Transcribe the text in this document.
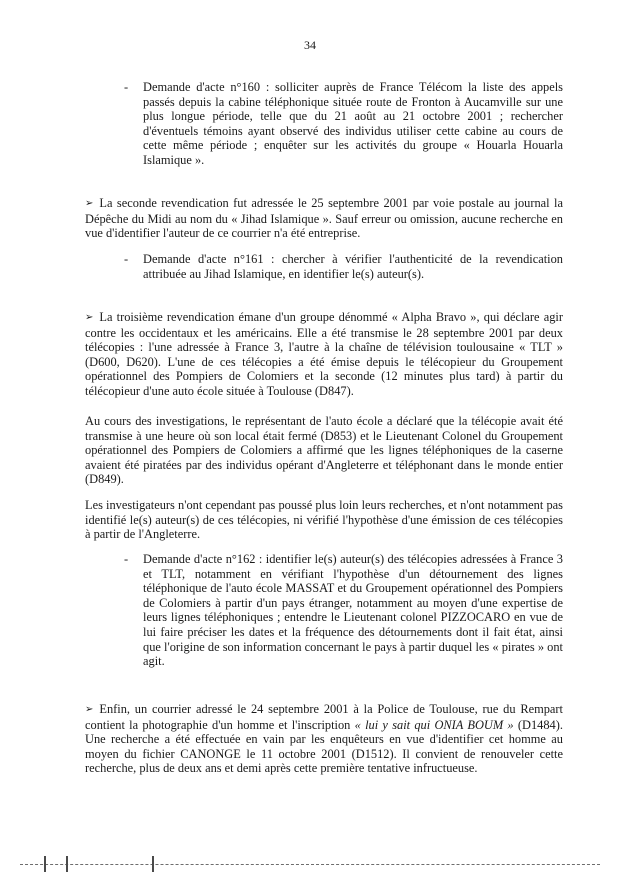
34
- Demande d'acte n°160 : solliciter auprès de France Télécom la liste des appels passés depuis la cabine téléphonique située route de Fronton à Aucamville sur une plus longue période, telle que du 21 août au 21 octobre 2001 ; rechercher d'éventuels témoins ayant observé des individus utiliser cette cabine au cours de cette même période ; enquêter sur les activités du groupe « Houarla Houarla Islamique ».

➢ La seconde revendication fut adressée le 25 septembre 2001 par voie postale au journal la Dépêche du Midi au nom du « Jihad Islamique ». Sauf erreur ou omission, aucune recherche en vue d'identifier l'auteur de ce courrier n'a été entreprise.

- Demande d'acte n°161 : chercher à vérifier l'authenticité de la revendication attribuée au Jihad Islamique, en identifier le(s) auteur(s).

➢ La troisième revendication émane d'un groupe dénommé « Alpha Bravo », qui déclare agir contre les occidentaux et les américains. Elle a été transmise le 28 septembre 2001 par deux télécopies : l'une adressée à France 3, l'autre à la chaîne de télévision toulousaine « TLT » (D600, D620). L'une de ces télécopies a été émise depuis le télécopieur du Groupement opérationnel des Pompiers de Colomiers et la seconde (12 minutes plus tard) à partir du télécopieur d'une auto école située à Toulouse (D847).

Au cours des investigations, le représentant de l'auto école a déclaré que la télécopie avait été transmise à une heure où son local était fermé (D853) et le Lieutenant Colonel du Groupement opérationnel des Pompiers de Colomiers a affirmé que les lignes téléphoniques de la caserne avaient été piratées par des individus opérant d'Angleterre et téléphonant dans le monde entier (D849).

Les investigateurs n'ont cependant pas poussé plus loin leurs recherches, et n'ont notamment pas identifié le(s) auteur(s) de ces télécopies, ni vérifié l'hypothèse d'une émission de ces télécopies à partir de l'Angleterre.

- Demande d'acte n°162 : identifier le(s) auteur(s) des télécopies adressées à France 3 et TLT, notamment en vérifiant l'hypothèse d'un détournement des lignes téléphonique de l'auto école MASSAT et du Groupement opérationnel des Pompiers de Colomiers à partir d'un pays étranger, notamment au moyen d'une expertise de leurs lignes téléphoniques ; entendre le Lieutenant colonel PIZZOCARO en vue de lui faire préciser les dates et la fréquence des détournements dont il fait état, ainsi que l'origine de son information concernant le pays à partir duquel les « pirates » ont agit.

➢ Enfin, un courrier adressé le 24 septembre 2001 à la Police de Toulouse, rue du Rempart contient la photographie d'un homme et l'inscription « lui y sait qui ONIA BOUM » (D1484). Une recherche a été effectuée en vain par les enquêteurs en vue d'identifier cet homme au moyen du fichier CANONGE le 11 octobre 2001 (D1512). Il convient de renouveler cette recherche, plus de deux ans et demi après cette première tentative infructueuse.
